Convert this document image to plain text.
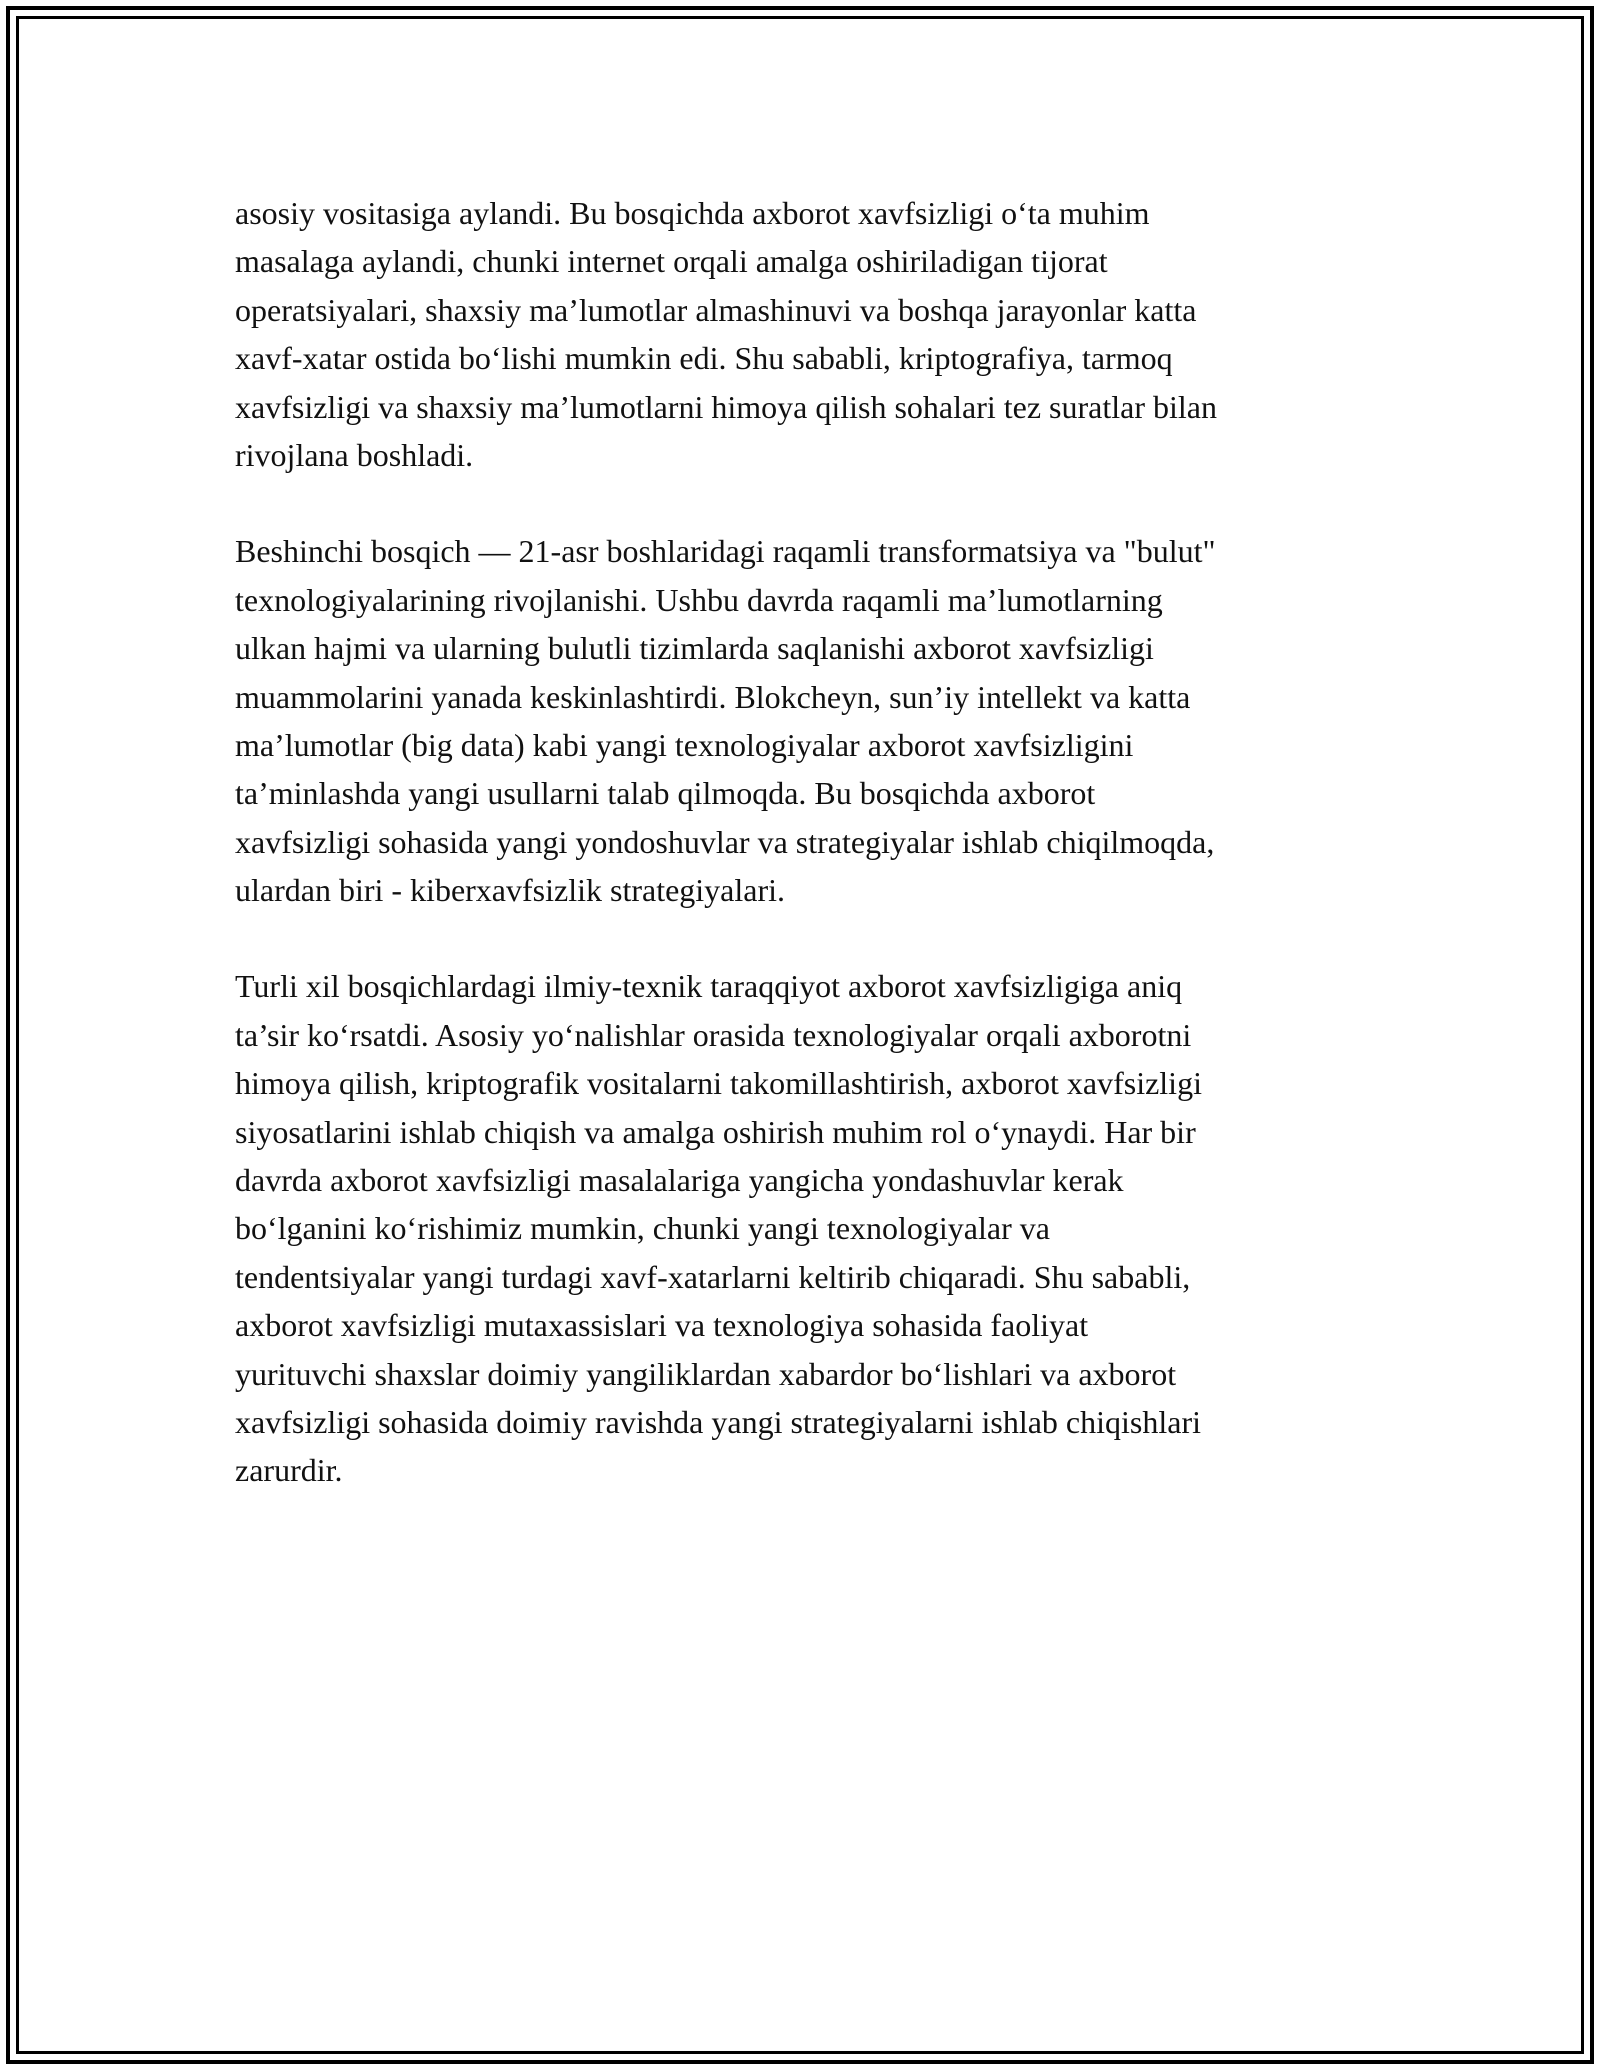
asosiy vositasiga aylandi. Bu bosqichda axborot xavfsizligi o‘ta muhim
masalaga aylandi, chunki internet orqali amalga oshiriladigan tijorat
operatsiyalari, shaxsiy ma’lumotlar almashinuvi va boshqa jarayonlar katta
xavf-xatar ostida bo‘lishi mumkin edi. Shu sababli, kriptografiya, tarmoq
xavfsizligi va shaxsiy ma’lumotlarni himoya qilish sohalari tez suratlar bilan
rivojlana boshladi.

Beshinchi bosqich — 21-asr boshlaridagi raqamli transformatsiya va "bulut"
texnologiyalarining rivojlanishi. Ushbu davrda raqamli ma’lumotlarning
ulkan hajmi va ularning bulutli tizimlarda saqlanishi axborot xavfsizligi
muammolarini yanada keskinlashtirdi. Blokcheyn, sun’iy intellekt va katta
ma’lumotlar (big data) kabi yangi texnologiyalar axborot xavfsizligini
ta’minlashda yangi usullarni talab qilmoqda. Bu bosqichda axborot
xavfsizligi sohasida yangi yondoshuvlar va strategiyalar ishlab chiqilmoqda,
ulardan biri - kiberxavfsizlik strategiyalari.

Turli xil bosqichlardagi ilmiy-texnik taraqqiyot axborot xavfsizligiga aniq
ta’sir ko‘rsatdi. Asosiy yo‘nalishlar orasida texnologiyalar orqali axborotni
himoya qilish, kriptografik vositalarni takomillashtirish, axborot xavfsizligi
siyosatlarini ishlab chiqish va amalga oshirish muhim rol o‘ynaydi. Har bir
davrda axborot xavfsizligi masalalariga yangicha yondashuvlar kerak
bo‘lganini ko‘rishimiz mumkin, chunki yangi texnologiyalar va
tendentsiyalar yangi turdagi xavf-xatarlarni keltirib chiqaradi. Shu sababli,
axborot xavfsizligi mutaxassislari va texnologiya sohasida faoliyat
yurituvchi shaxslar doimiy yangiliklardan xabardor bo‘lishlari va axborot
xavfsizligi sohasida doimiy ravishda yangi strategiyalarni ishlab chiqishlari
zarurdir.
